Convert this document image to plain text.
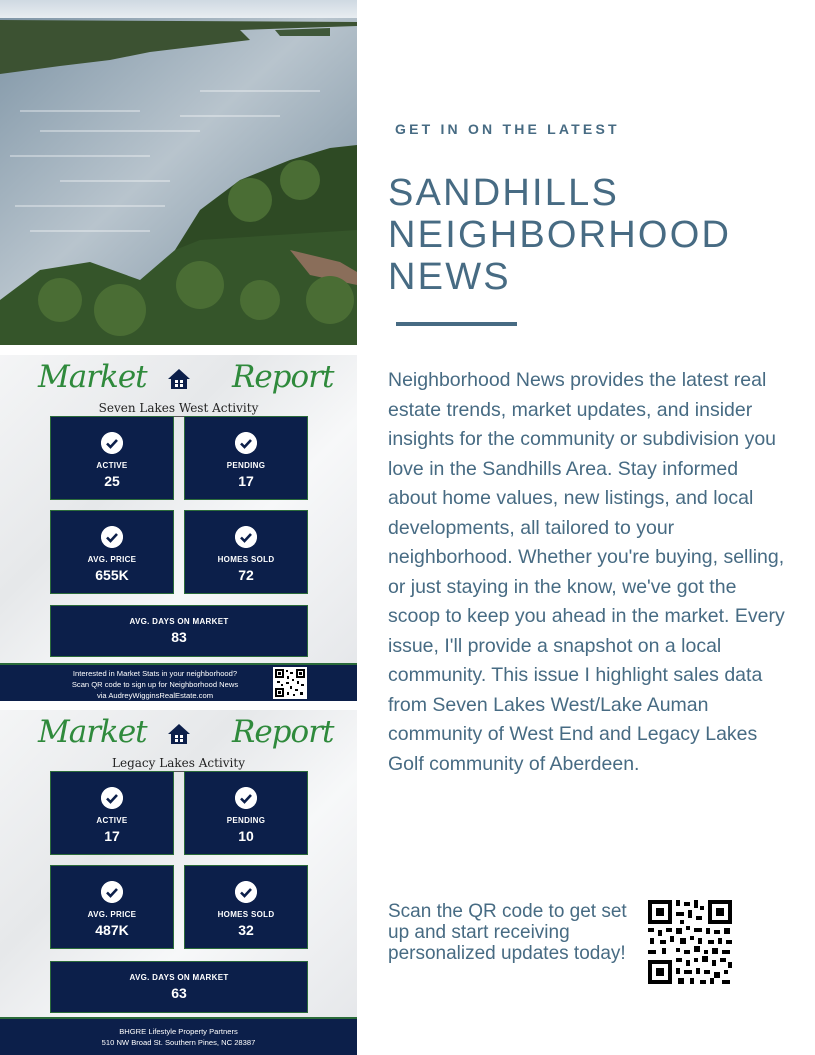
Market	Report
Seven Lakes West Activity
ACTIVE
25
PENDING
17
AVG. PRICE
655K
HOMES SOLD
72
AVG. DAYS ON MARKET
83
Interested in Market Stats in your neighborhood?
Scan QR code to sign up for Neighborhood News
via AudreyWigginsRealEstate.com
Market	Report
Legacy Lakes Activity
ACTIVE
17
PENDING
10
AVG. PRICE
487K
HOMES SOLD
32
AVG. DAYS ON MARKET
63
BHGRE Lifestyle Property Partners
510 NW Broad St. Southern Pines, NC 28387
GET IN ON THE LATEST
SANDHILLS
NEIGHBORHOOD
NEWS
Neighborhood News provides the latest real estate trends, market updates, and insider insights for the community or subdivision you love in the Sandhills Area. Stay informed about home values, new listings, and local developments, all tailored to your neighborhood. Whether you're buying, selling, or just staying in the know, we've got the scoop to keep you ahead in the market. Every issue, I'll provide a snapshot on a local community. This issue I highlight sales data from Seven Lakes West/Lake Auman community of West End and Legacy Lakes Golf community of Aberdeen.
Scan the QR code to get set up and start receiving personalized updates today!
